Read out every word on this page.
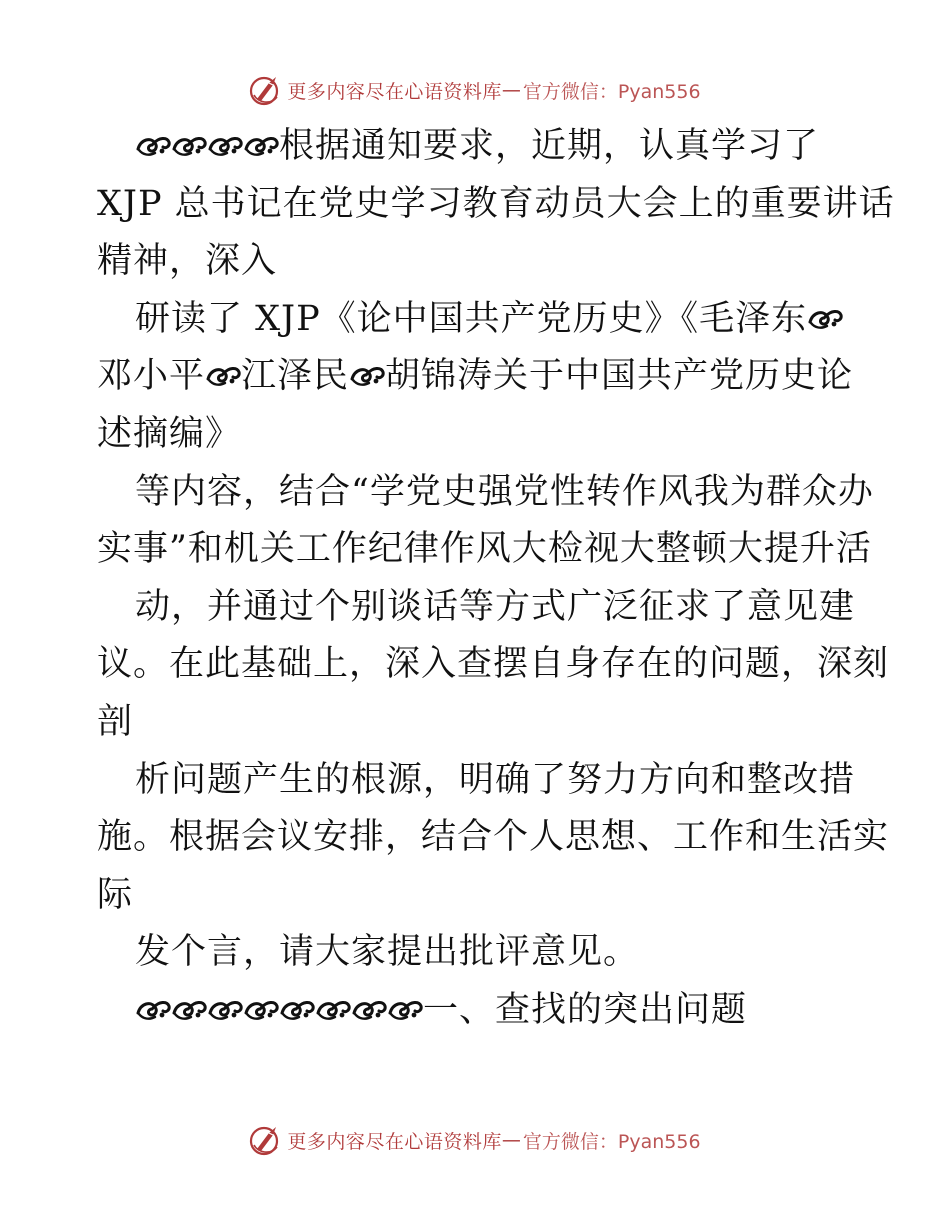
更多内容尽在心语资料库 — 官方微信：Pyan556
根据通知要求，近期，认真学习了
XJP 总书记在党史学习教育动员大会上的重要讲话
精神，深入
研读了 XJP《论中国共产党历史》《毛泽东
邓小平 江泽民 胡锦涛关于中国共产党历史论
述摘编》
等内容，结合“学党史强党性转作风我为群众办
实事”和机关工作纪律作风大检视大整顿大提升活
动，并通过个别谈话等方式广泛征求了意见建
议。在此基础上，深入查摆自身存在的问题，深刻
剖
析问题产生的根源，明确了努力方向和整改措
施。根据会议安排，结合个人思想、工作和生活实
际
发个言，请大家提出批评意见。
一、查找的突出问题
更多内容尽在心语资料库 — 官方微信：Pyan556
